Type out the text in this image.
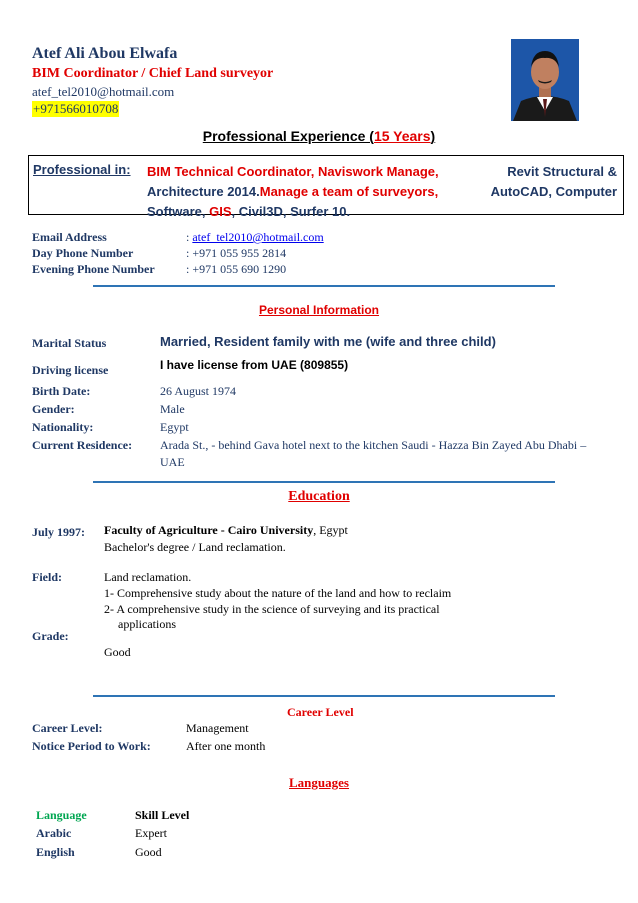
Atef Ali Abou Elwafa
BIM Coordinator / Chief Land surveyor
atef_tel2010@hotmail.com
+971566010708
Professional Experience (15 Years)
Professional in: BIM Technical Coordinator, Naviswork Manage,	Revit Structural &
Architecture 2014.Manage a team of surveyors,	AutoCAD, Computer
Software, GIS, Civil3D, Surfer 10.
Email Address	: atef_tel2010@hotmail.com
Day Phone Number	: +971 055 955 2814
Evening Phone Number	: +971 055 690 1290
Personal Information
Marital Status	Married, Resident family with me (wife and three child)
Driving license	I have license from UAE (809855)
Birth Date:	26 August 1974
Gender:	Male
Nationality:	Egypt
Current Residence: Arada St., - behind Gava hotel next to the kitchen Saudi - Hazza Bin Zayed Abu Dhabi –
UAE
Education
July 1997: Faculty of Agriculture - Cairo University, Egypt
Bachelor's degree / Land reclamation.
Field:	Land reclamation.
1- Comprehensive study about the nature of the land and how to reclaim
2- A comprehensive study in the science of surveying and its practical
applications
Grade:
Good
Career Level
Career Level:	Management
Notice Period to Work:	After one month
Languages
Language	Skill Level
Arabic	Expert
English	Good
